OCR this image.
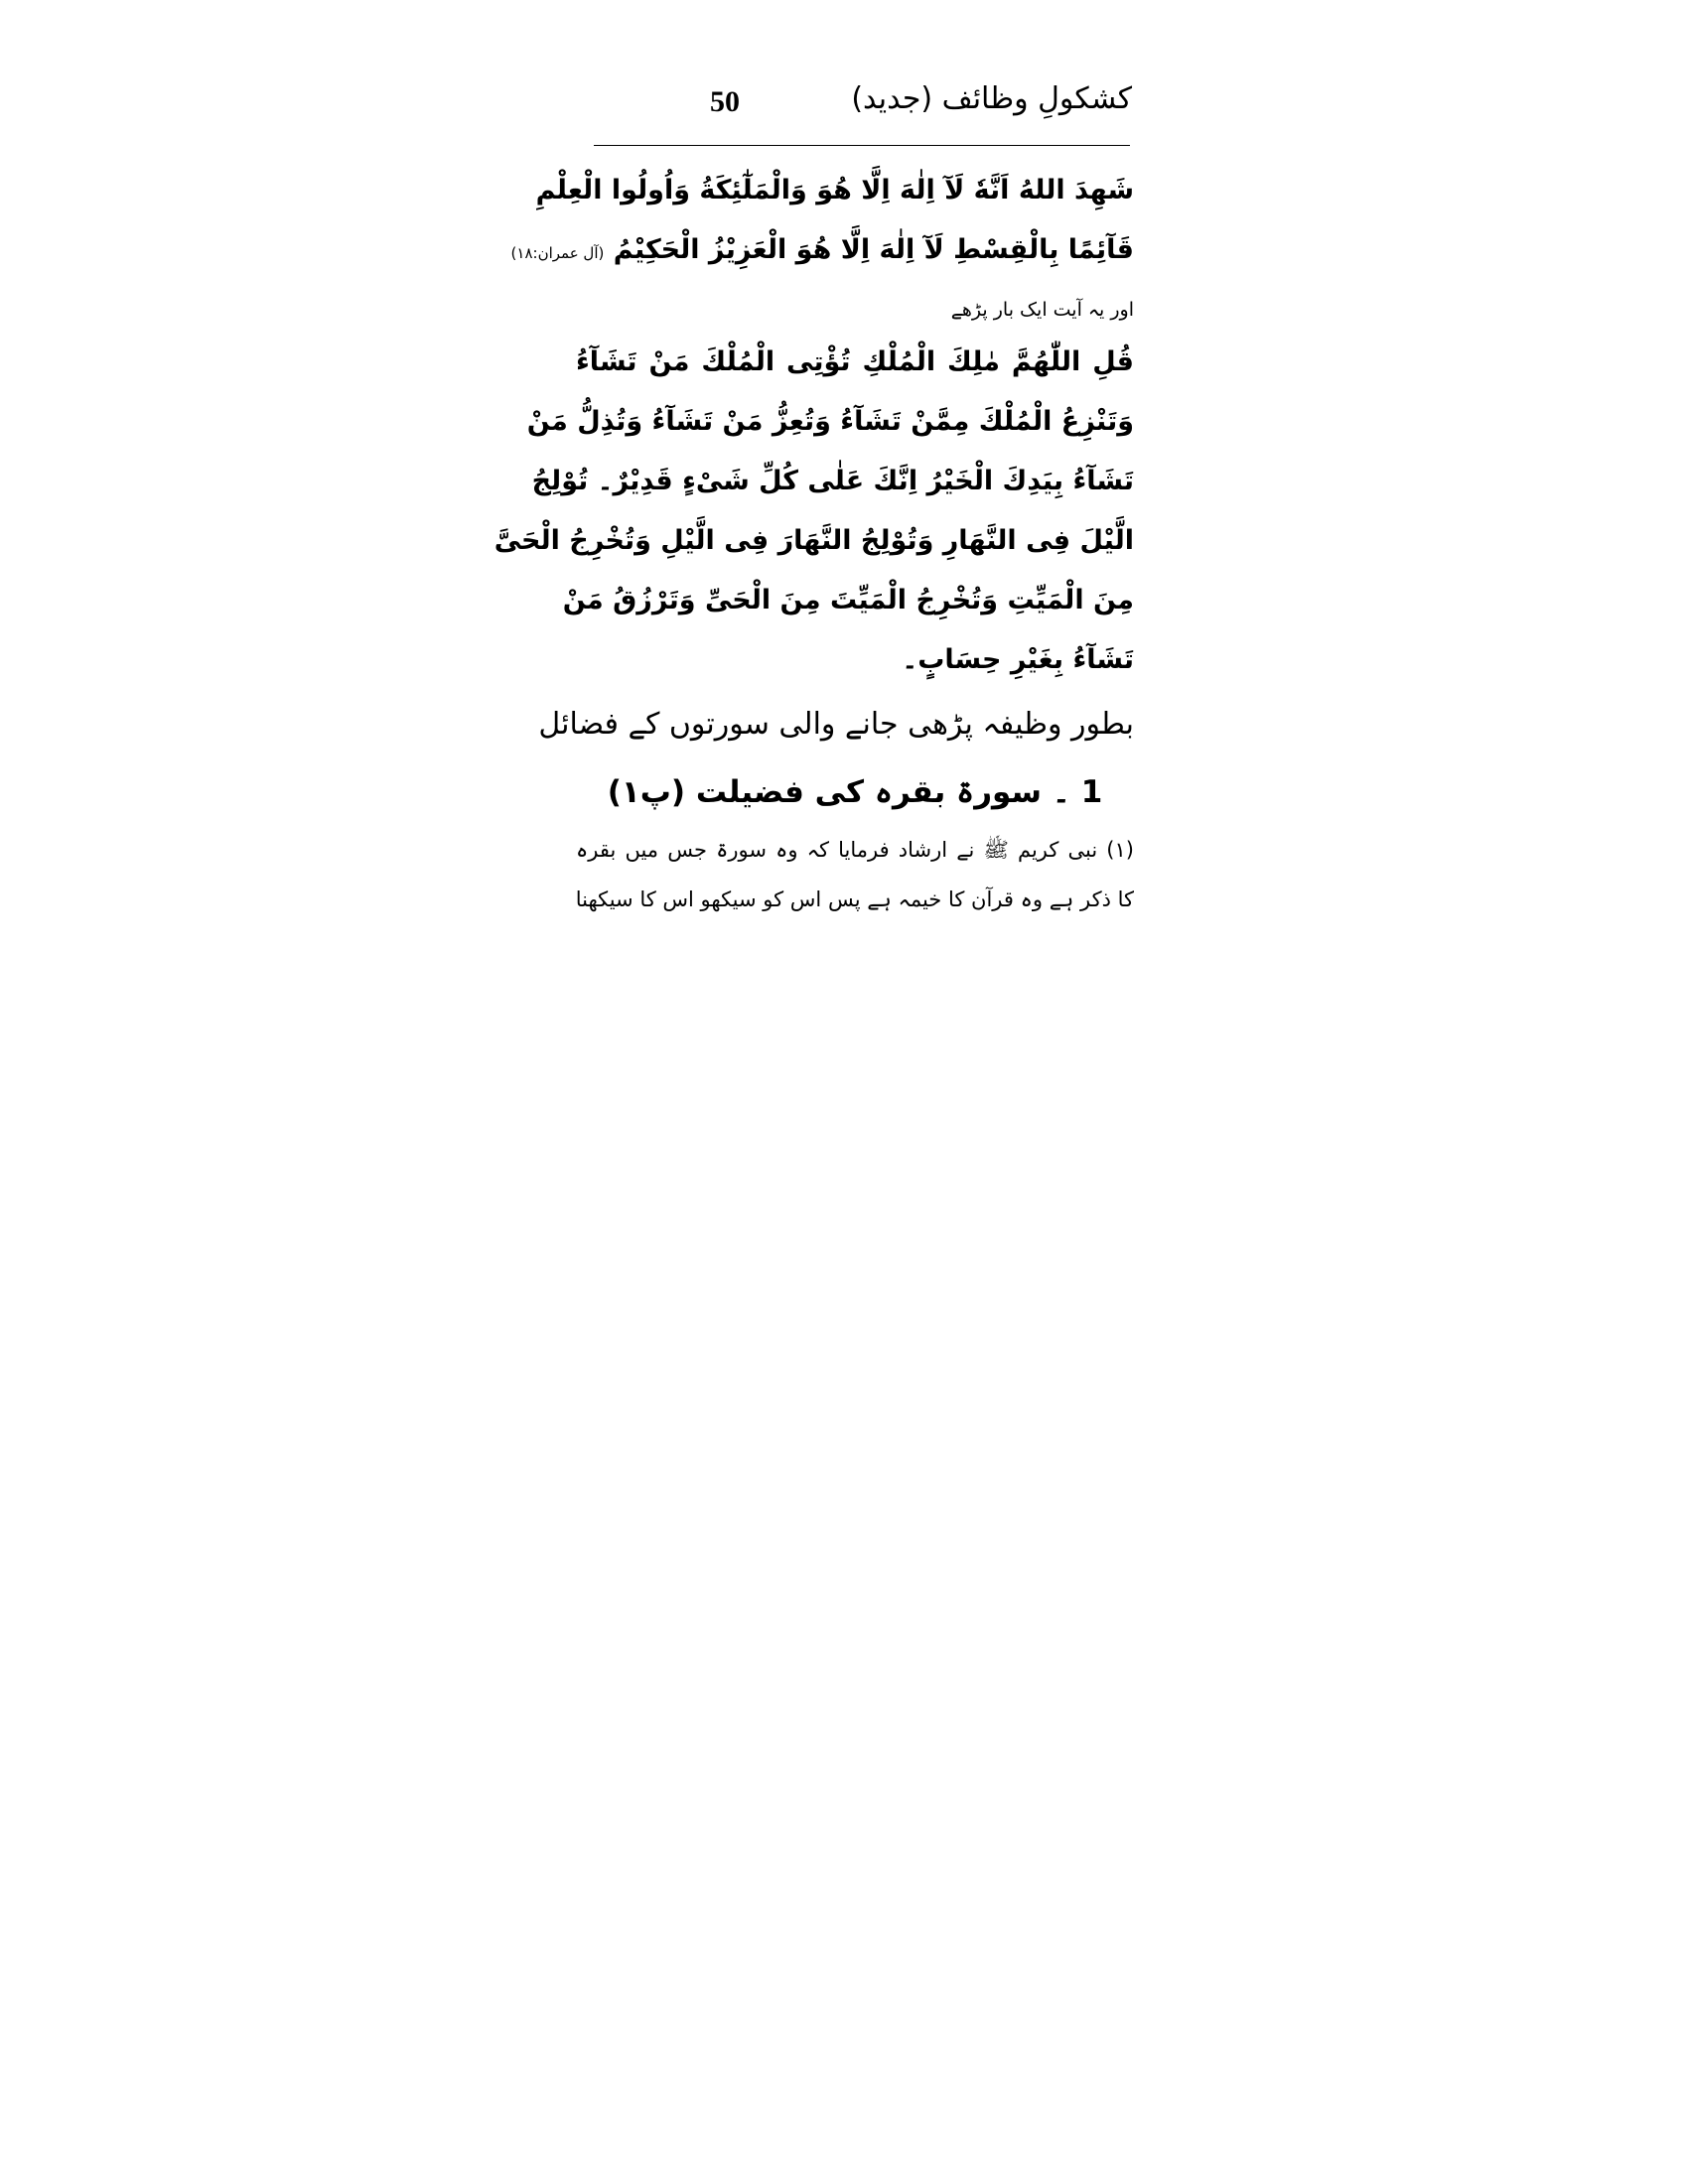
50	کشکولِ وظائف (جدید)
شَهِدَ اللهُ اَنَّهٗ لَآ اِلٰهَ اِلَّا هُوَ وَالْمَلٰٓئِكَةُ وَاُولُوا الْعِلْمِ
قَآئِمًا بِالْقِسْطِ لَآ اِلٰهَ اِلَّا هُوَ الْعَزِيْزُ الْحَكِيْمُ (آل عمران:۱۸)
اور یہ آیت ایک بار پڑھے
قُلِ اللّٰهُمَّ مٰلِكَ الْمُلْكِ تُؤْتِى الْمُلْكَ مَنْ تَشَآءُ
وَتَنْزِعُ الْمُلْكَ مِمَّنْ تَشَآءُ وَتُعِزُّ مَنْ تَشَآءُ وَتُذِلُّ مَنْ
تَشَآءُ بِيَدِكَ الْخَيْرُ اِنَّكَ عَلٰى كُلِّ شَىْءٍ قَدِيْرٌ۔ تُوْلِجُ
الَّيْلَ فِى النَّهَارِ وَتُوْلِجُ النَّهَارَ فِى الَّيْلِ وَتُخْرِجُ الْحَىَّ
مِنَ الْمَيِّتِ وَتُخْرِجُ الْمَيِّتَ مِنَ الْحَىِّ وَتَرْزُقُ مَنْ
تَشَآءُ بِغَيْرِ حِسَابٍ۔
بطور وظیفہ پڑھی جانے والی سورتوں کے فضائل
1 ۔ سورۃ بقرہ کی فضیلت (پ۱)
(۱) نبی کریم ﷺ نے ارشاد فرمایا کہ وہ سورۃ جس میں بقرہ
کا ذکر ہے وہ قرآن کا خیمہ ہے پس اس کو سیکھو اس کا سیکھنا
